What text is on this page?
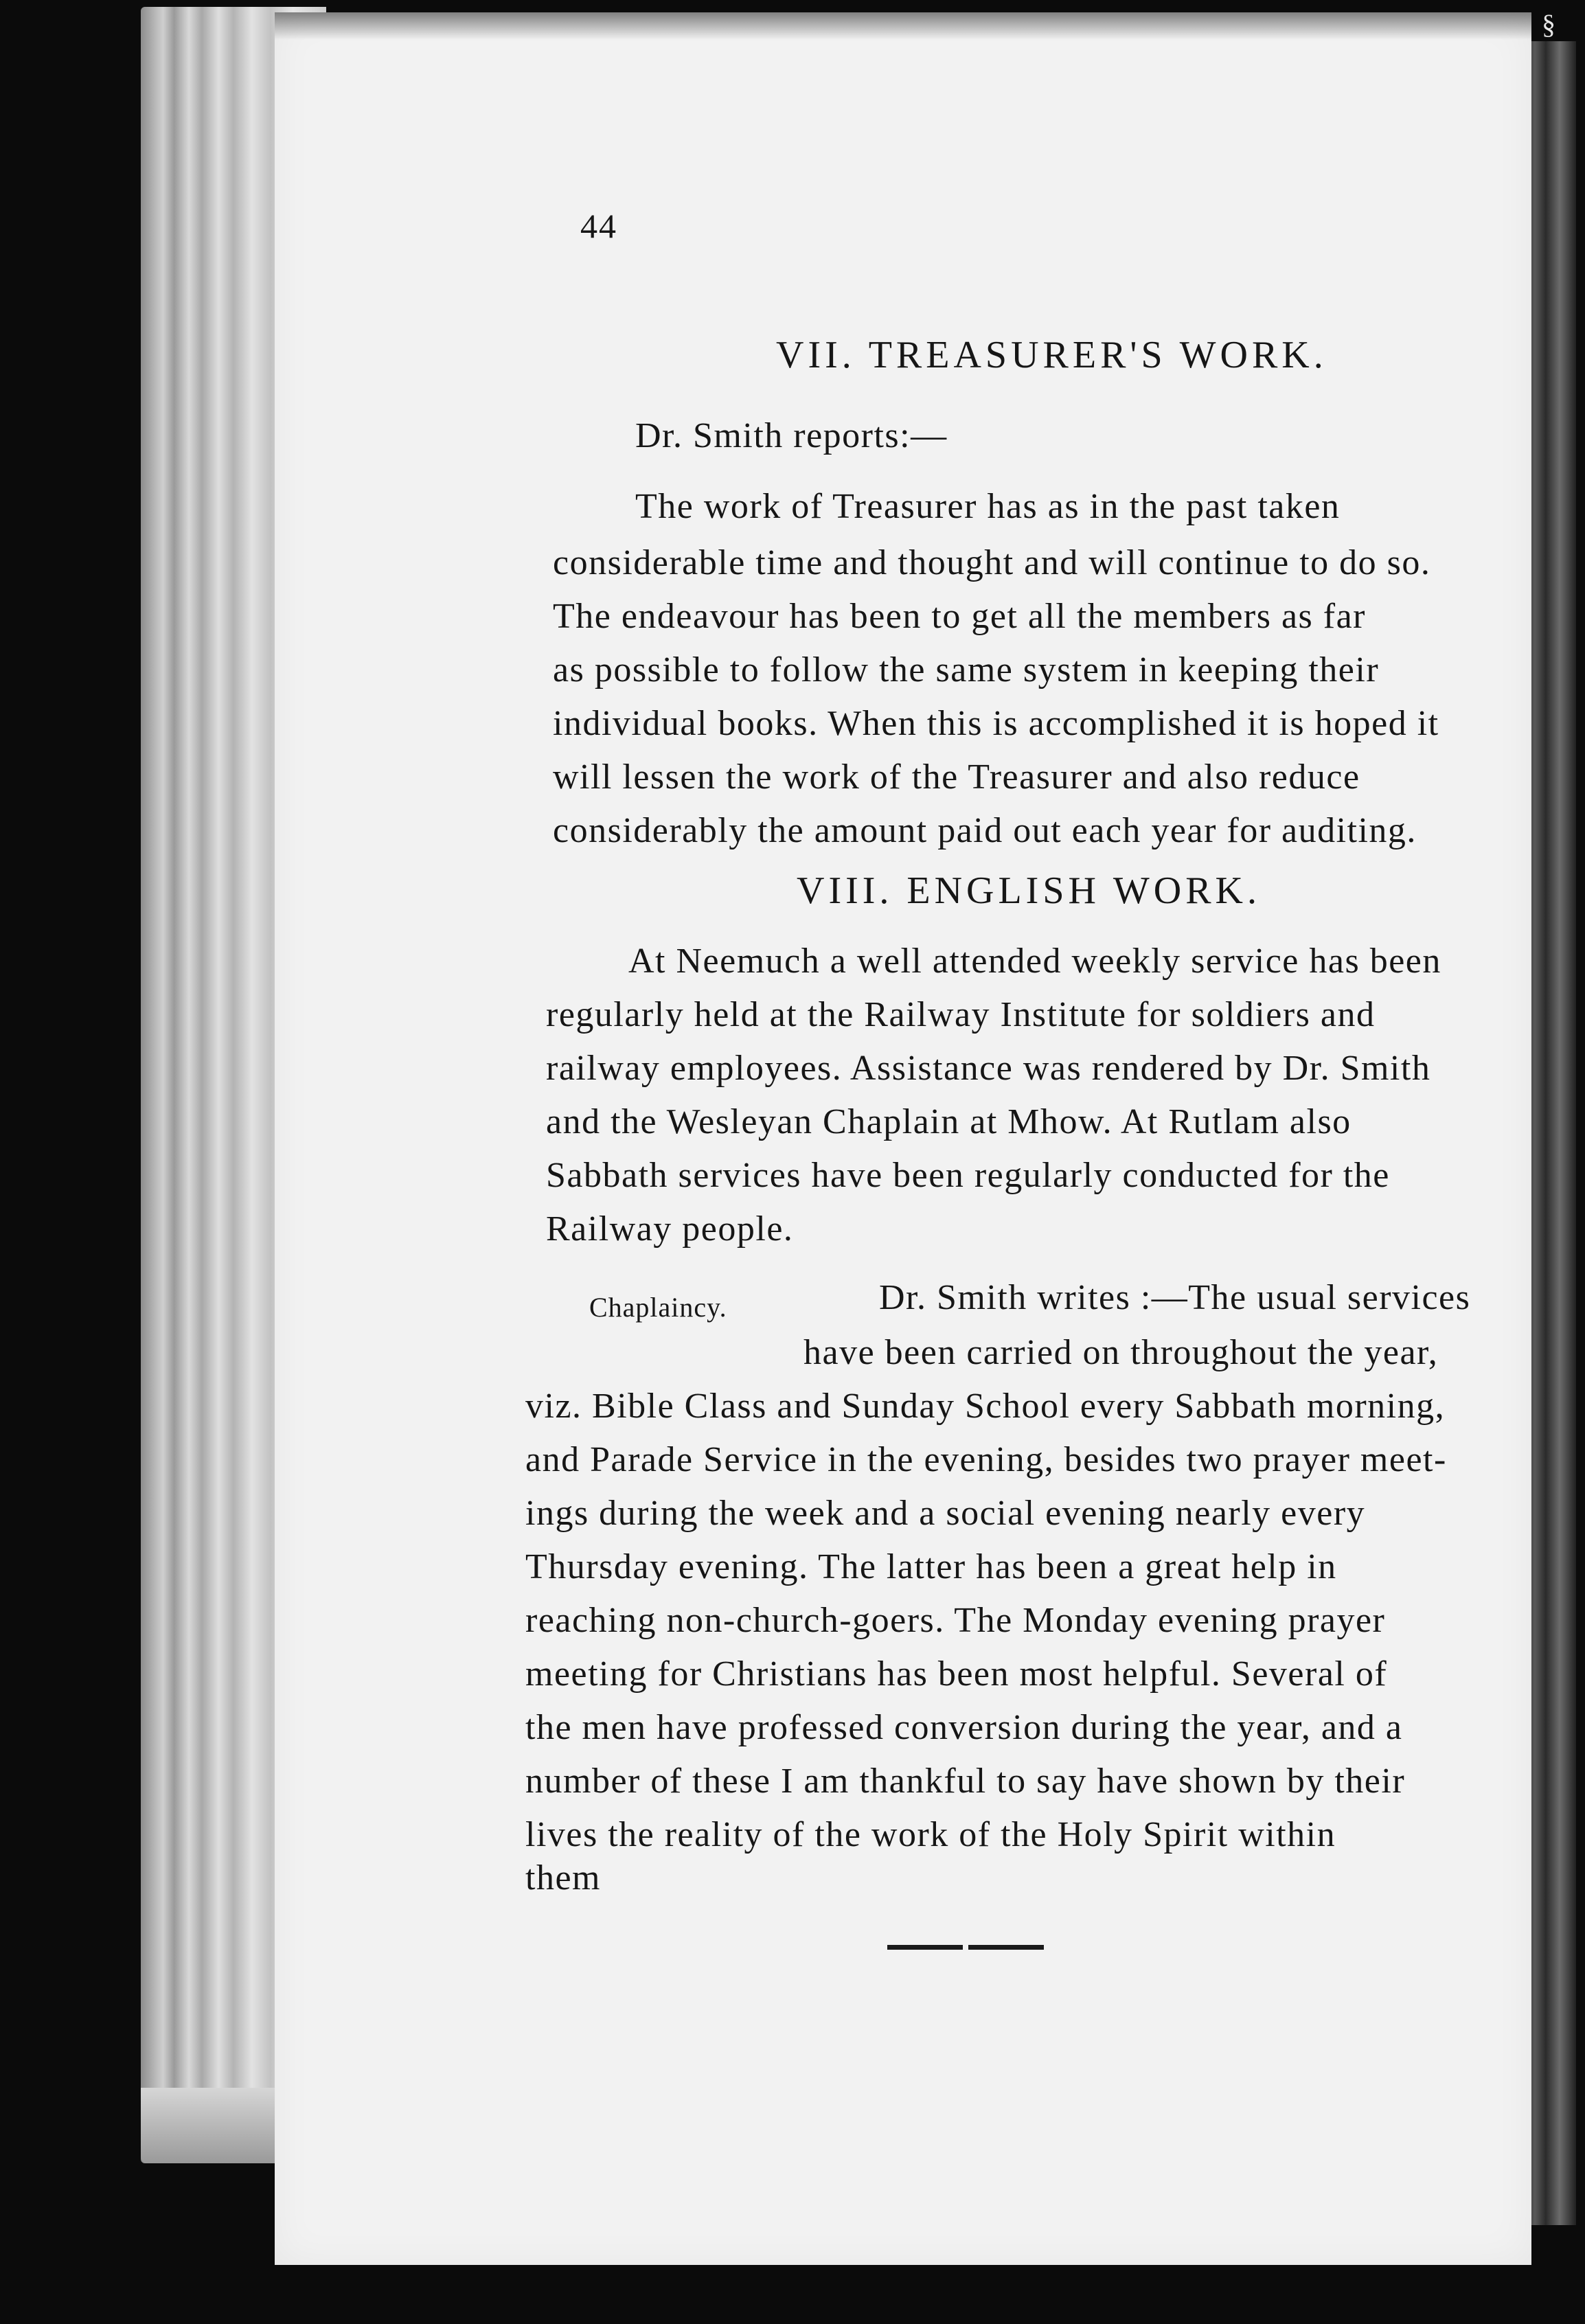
§
44
VII. TREASURER'S WORK.
Dr. Smith reports:—
The work of Treasurer has as in the past taken
considerable time and thought and will continue to do so.
The endeavour has been to get all the members as far
as possible to follow the same system in keeping their
individual books. When this is accomplished it is hoped it
will lessen the work of the Treasurer and also reduce
considerably the amount paid out each year for auditing.
VIII. ENGLISH WORK.
At Neemuch a well attended weekly service has been
regularly held at the Railway Institute for soldiers and
railway employees. Assistance was rendered by Dr. Smith
and the Wesleyan Chaplain at Mhow. At Rutlam also
Sabbath services have been regularly conducted for the
Railway people.
Chaplaincy.	Dr. Smith writes :—The usual services
have been carried on throughout the year,
viz. Bible Class and Sunday School every Sabbath morning,
and Parade Service in the evening, besides two prayer meet-
ings during the week and a social evening nearly every
Thursday evening. The latter has been a great help in
reaching non-church-goers. The Monday evening prayer
meeting for Christians has been most helpful. Several of
the men have professed conversion during the year, and a
number of these I am thankful to say have shown by their
lives the reality of the work of the Holy Spirit within
them
